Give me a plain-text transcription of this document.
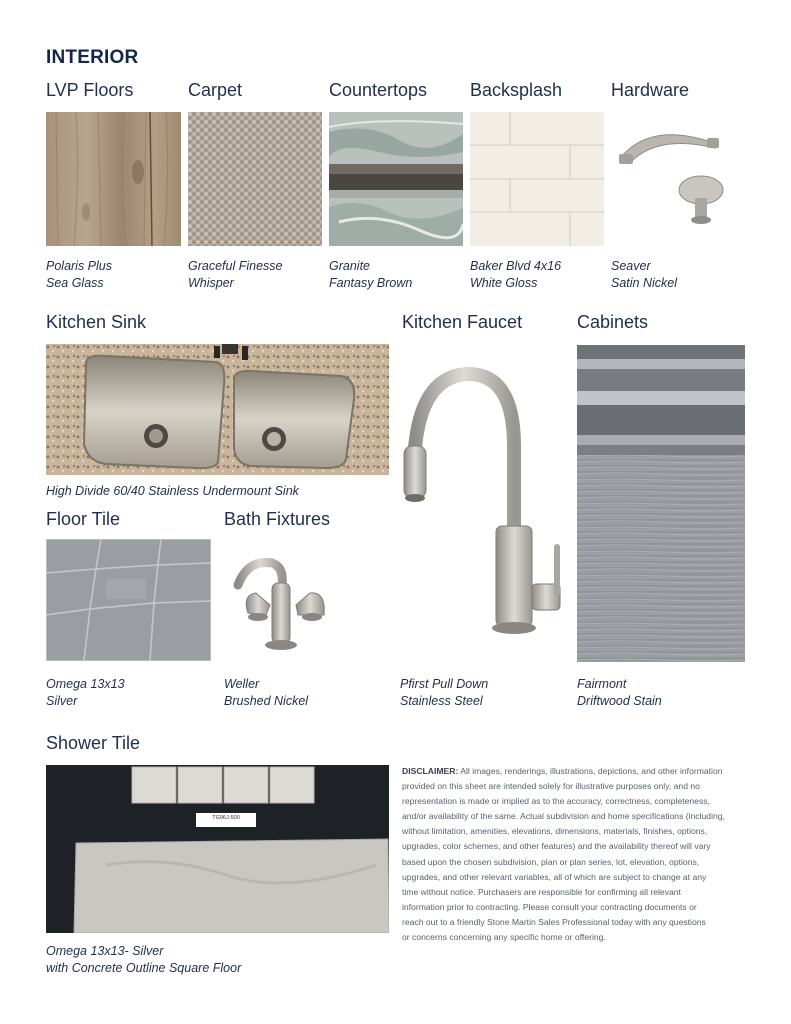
INTERIOR
LVP Floors	Carpet	Countertops Backsplash	Hardware
Polaris Plus
Sea Glass
Graceful Finesse
Whisper
Granite
Fantasy Brown
Baker Blvd 4x16
White Gloss
Seaver
Satin Nickel
Kitchen Sink	Kitchen Faucet	Cabinets
High Divide 60/40 Stainless Undermount Sink
Pfirst Pull Down
Stainless Steel
Fairmont
Driftwood Stain
Floor Tile	Bath Fixtures
Omega 13x13
Silver
Weller
Brushed Nickel
Shower Tile
TG96J-500
Omega 13x13- Silver
with Concrete Outline Square Floor
DISCLAIMER: All images, renderings, illustrations, depictions, and other information
provided on this sheet are intended solely for illustrative purposes only, and no
representation is made or implied as to the accuracy, correctness, completeness,
and/or availability of the same. Actual subdivision and home specifications (including,
without limitation, amenities, elevations, dimensions, materials, finishes, options,
upgrades, color schemes, and other features) and the availability thereof will vary
based upon the chosen subdivision, plan or plan series, lot, elevation, options,
upgrades, and other relevant variables, all of which are subject to change at any
time without notice. Purchasers are responsible for confirming all relevant
information prior to contracting. Please consult your contracting documents or
reach out to a friendly Stone Martin Sales Professional today with any questions
or concerns concerning any specific home or offering.
